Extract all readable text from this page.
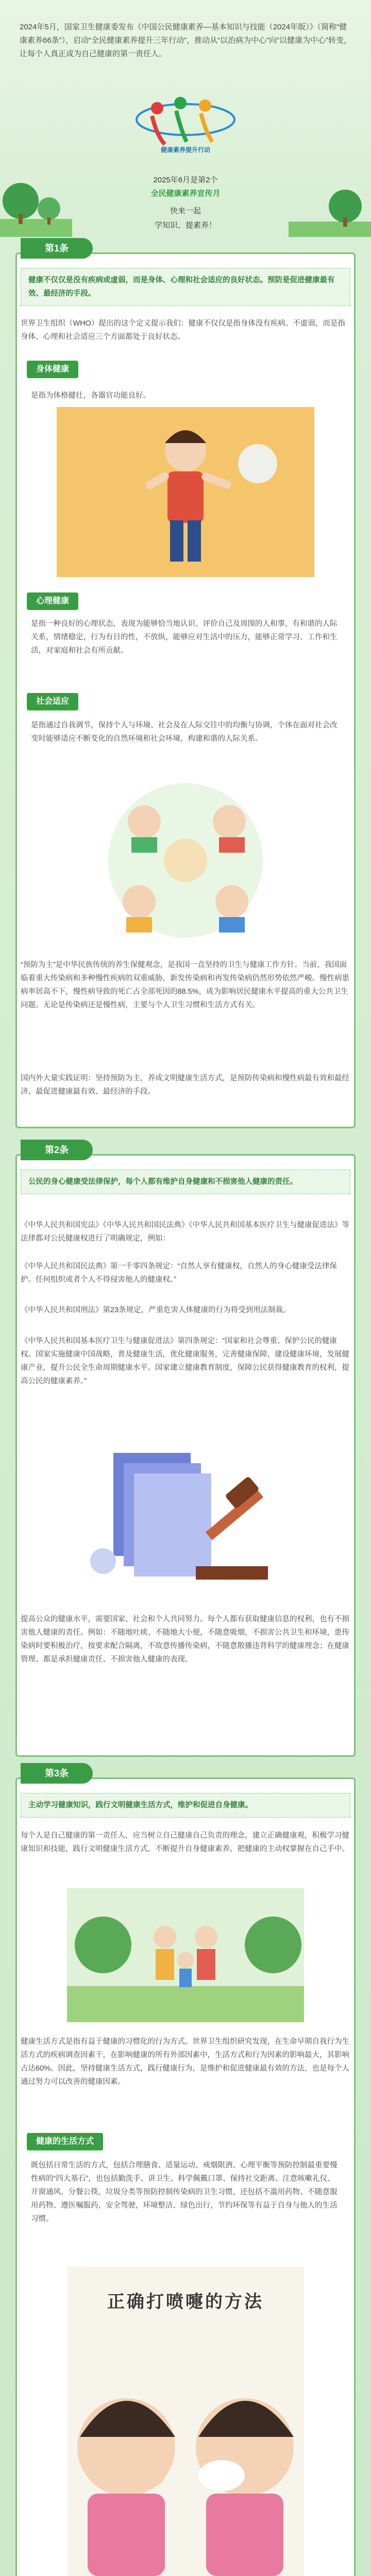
2024年5月，国家卫生健康委发布《中国公民健康素养—基本知识与技能（2024年版）》（简称“健康素养66条”），启动“全民健康素养提升三年行动”，推动从“以治病为中心”向“以健康为中心”转变，让每个人真正成为自己健康的第一责任人。

健康素养提升行动
2025年6月是第2个
全民健康素养宣传月
快来一起
学知识、提素养！
第1条
健康不仅仅是没有疾病或虚弱，而是身体、心理和社会适应的良好状态。预防是促进健康最有效、最经济的手段。

世界卫生组织（WHO）提出的这个定义提示我们：健康不仅仅是指身体没有疾病、不虚弱，而是指身体、心理和社会适应三个方面都处于良好状态。

身体健康

是指为体格健壮，各器官功能良好。

心理健康

是指一种良好的心理状态，表现为能够恰当地认识、评价自己及周围的人和事，有和谐的人际关系，情绪稳定，行为有目的性，不放纵，能够应对生活中的压力，能够正常学习、工作和生活，对家庭和社会有所贡献。

社会适应

是指通过自我调节，保持个人与环境、社会及在人际交往中的均衡与协调，个体在面对社会改变时能够适应不断变化的自然环境和社会环境，构建和谐的人际关系。

“预防为主”是中华民族传统的养生保健观念，是我国一直坚持的卫生与健康工作方针。当前，我国面临着重大传染病和多种慢性疾病的双重威胁，新发传染病和再发传染病仍然形势依然严峻。慢性病患病率居高不下，慢性病导致的死亡占全部死因的88.5%，成为影响居民健康水平提高的重大公共卫生问题。无论是传染病还是慢性病，主要与个人卫生习惯和生活方式有关。

国内外大量实践证明：坚持预防为主，养成文明健康生活方式，是预防传染病和慢性病最有效和最经济、最促进健康最有效、最经济的手段。

第2条
公民的身心健康受法律保护，每个人都有维护自身健康和不损害他人健康的责任。

《中华人民共和国宪法》《中华人民共和国民法典》《中华人民共和国基本医疗卫生与健康促进法》等法律都对公民健康权进行了明确规定，例如：

《中华人民共和国民法典》第一千零四条规定：“自然人享有健康权，自然人的身心健康受法律保护。任何组织或者个人不得侵害他人的健康权。”

《中华人民共和国刑法》第23条规定，严重危害人体健康的行为将受到刑法制裁。

《中华人民共和国基本医疗卫生与健康促进法》第四条规定：“国家和社会尊重、保护公民的健康权。国家实施健康中国战略，普及健康生活，优化健康服务，完善健康保障，建设健康环境，发展健康产业，提升公民全生命周期健康水平。国家建立健康教育制度，保障公民获得健康教育的权利，提高公民的健康素养。”

提高公众的健康水平，需要国家、社会和个人共同努力。每个人都有获取健康信息的权利，也有不损害他人健康的责任。例如：不随地吐痰、不随地大小便，不随意吸烟，不损害公共卫生和环境，患传染病时要积极治疗，按要求配合隔离，不故意传播传染病，不随意散播违背科学的健康理念；在健康管理、都是承担健康责任、不损害他人健康的表现。

第3条
主动学习健康知识，践行文明健康生活方式，维护和促进自身健康。

每个人是自己健康的第一责任人，应当树立自己健康自己负责的理念，建立正确健康观，积极学习健康知识和技能，践行文明健康生活方式，不断提升自身健康素养，把健康的主动权掌握在自己手中。

健康生活方式是指有益于健康的习惯化的行为方式。世界卫生组织研究发现，在生命早期自我行为生活方式的疾病调查因素干，在影响健康的所有外部因素中，生活方式和行为因素的影响最大，其影响占达60%。因此，坚持健康生活方式，践行健康行为，是维护和促进健康最有效的方法，也是每个人通过努力可以改善的健康因素。

健康的生活方式

既包括日常生活的方式，包括合理膳食、适量运动、戒烟限酒、心理平衡等预防控制最重要慢性病的“四大基石”，也包括勤洗手、讲卫生、科学佩戴口罩、保持社交距离、注意咳嗽礼仪、开窗通风、分餐公筷，垃圾分类等预防控制传染病的卫生习惯，还包括不滥用药物、不随意服用药物、遵医嘱服药，安全驾驶，环境整洁、绿色出行，节约环保等有益于自身与他人的生活习惯。

正确打喷嚏的方法
